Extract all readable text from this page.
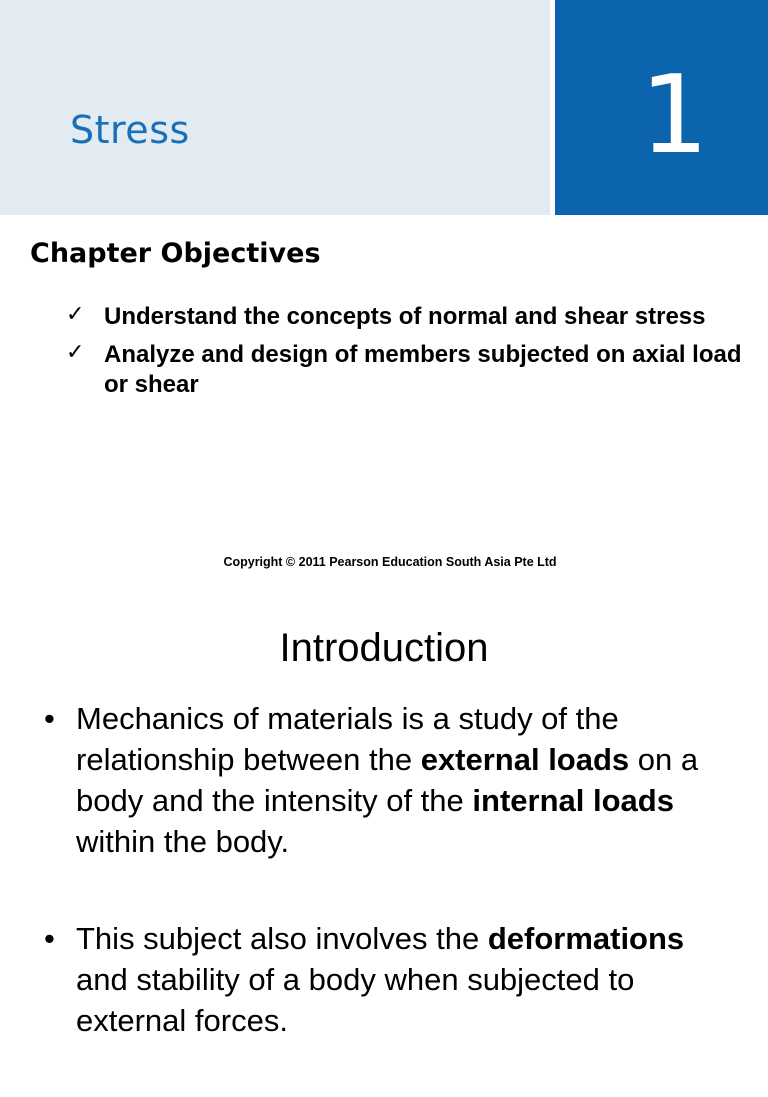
Stress	1
Chapter Objectives
✓ Understand the concepts of normal and shear stress
✓ Analyze and design of members subjected on axial load or shear
Copyright © 2011 Pearson Education South Asia Pte Ltd
Introduction
• Mechanics of materials is a study of the relationship between the external loads on a body and the intensity of the internal loads within the body.
• This subject also involves the deformations and stability of a body when subjected to external forces.
